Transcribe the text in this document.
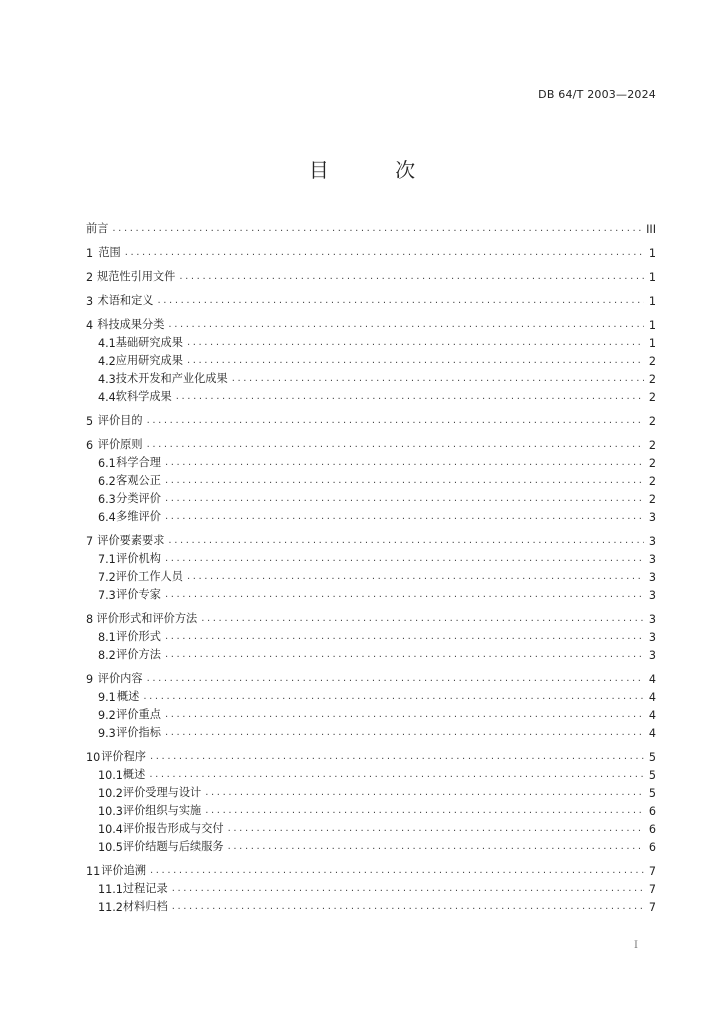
DB 64/T 2003—2024
目 次
前言 .....	III
1 范围 .....	1
2 规范性引用文件 .....	1
3 术语和定义 .....	1
4 科技成果分类 .....	1
4.1 基础研究成果 .....	1
4.2 应用研究成果 .....	2
4.3 技术开发和产业化成果 .....	2
4.4 软科学成果 .....	2
5 评价目的 .....	2
6 评价原则 .....	2
6.1 科学合理 .....	2
6.2 客观公正 .....	2
6.3 分类评价 .....	2
6.4 多维评价 .....	3
7 评价要素要求 .....	3
7.1 评价机构 .....	3
7.2 评价工作人员 .....	3
7.3 评价专家 .....	3
8 评价形式和评价方法 .....	3
8.1 评价形式 .....	3
8.2 评价方法 .....	3
9 评价内容 .....	4
9.1 概述 .....	4
9.2 评价重点 .....	4
9.3 评价指标 .....	4
10 评价程序 .....	5
10.1 概述 .....	5
10.2 评价受理与设计 .....	5
10.3 评价组织与实施 .....	6
10.4 评价报告形成与交付 .....	6
10.5 评价结题与后续服务 .....	6
11 评价追溯 .....	7
11.1 过程记录 .....	7
11.2 材料归档 .....	7
I
